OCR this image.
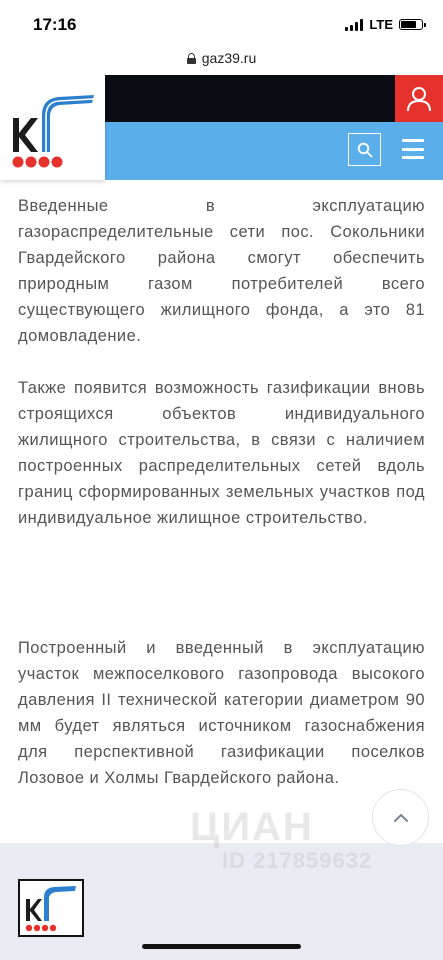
17:16	LTE
gaz39.ru

Введенные в эксплуатацию газораспределительные сети пос. Сокольники Гвардейского района смогут обеспечить природным газом потребителей всего существующего жилищного фонда, а это 81 домовладение.

Также появится возможность газификации вновь строящихся объектов индивидуального жилищного строительства, в связи с наличием построенных распределительных сетей вдоль границ сформированных земельных участков под индивидуальное жилищное строительство.

Построенный и введенный в эксплуатацию участок межпоселкового газопровода высокого давления II технической категории диаметром 90 мм будет являться источником газоснабжения для перспективной газификации поселков Лозовое и Холмы Гвардейского района.

ЦИАН
ID 217859632
